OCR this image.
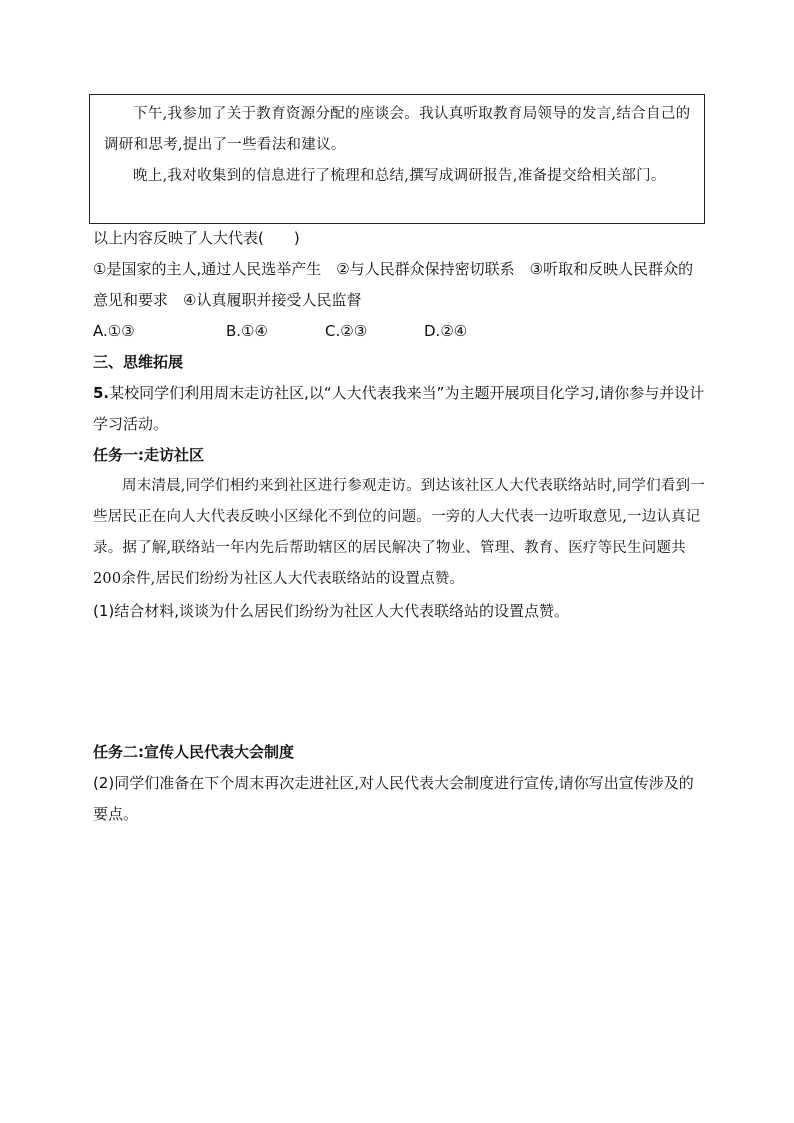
下午,我参加了关于教育资源分配的座谈会。我认真听取教育局领导的发言,结合自己的调研和思考,提出了一些看法和建议。

晚上,我对收集到的信息进行了梳理和总结,撰写成调研报告,准备提交给相关部门。

以上内容反映了人大代表(　　)

①是国家的主人,通过人民选举产生　②与人民群众保持密切联系　③听取和反映人民群众的意见和要求　④认真履职并接受人民监督

A.①③	B.①④	C.②③	D.②④

三、思维拓展

5.某校同学们利用周末走访社区,以“人大代表我来当”为主题开展项目化学习,请你参与并设计学习活动。

任务一:走访社区

周末清晨,同学们相约来到社区进行参观走访。到达该社区人大代表联络站时,同学们看到一些居民正在向人大代表反映小区绿化不到位的问题。一旁的人大代表一边听取意见,一边认真记录。据了解,联络站一年内先后帮助辖区的居民解决了物业、管理、教育、医疗等民生问题共200余件,居民们纷纷为社区人大代表联络站的设置点赞。

(1)结合材料,谈谈为什么居民们纷纷为社区人大代表联络站的设置点赞。

任务二:宣传人民代表大会制度

(2)同学们准备在下个周末再次走进社区,对人民代表大会制度进行宣传,请你写出宣传涉及的要点。
